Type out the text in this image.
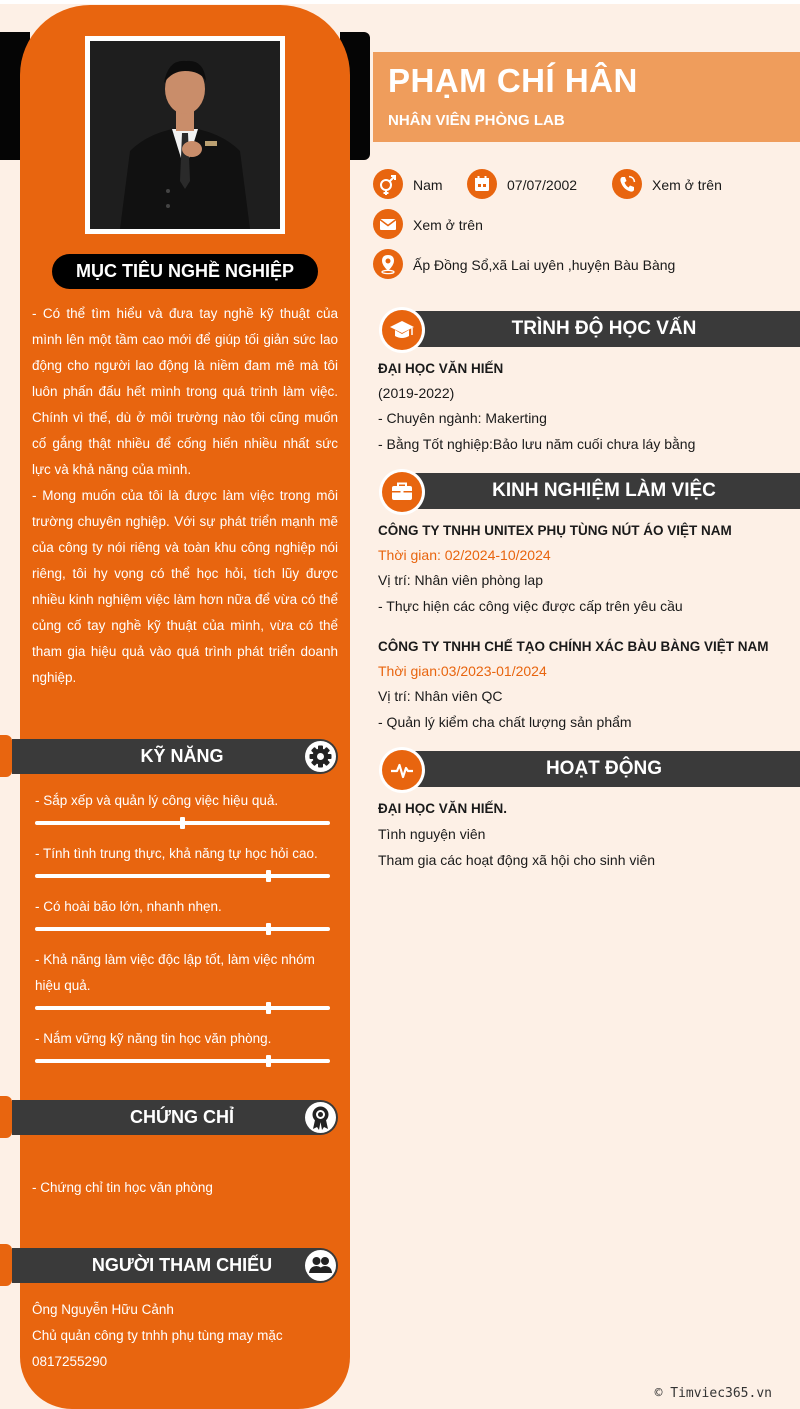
MỤC TIÊU NGHỀ NGHIỆP

- Có thể tìm hiểu và đưa tay nghề kỹ thuật của mình lên một tầm cao mới để giúp tối giản sức lao động cho người lao động là niềm đam mê mà tôi luôn phấn đấu hết mình trong quá trình làm việc. Chính vì thế, dù ở môi trường nào tôi cũng muốn cố gắng thật nhiều để cống hiến nhiều nhất sức lực và khả năng của mình.

- Mong muốn của tôi là được làm việc trong môi trường chuyên nghiệp. Với sự phát triển mạnh mẽ của công ty nói riêng và toàn khu công nghiệp nói riêng, tôi hy vọng có thể học hỏi, tích lũy được nhiều kinh nghiệm việc làm hơn nữa để vừa có thể củng cố tay nghề kỹ thuật của mình, vừa có thể tham gia hiệu quả vào quá trình phát triển doanh nghiệp.

KỸ NĂNG
- Sắp xếp và quản lý công việc hiệu quả.
- Tính tình trung thực, khả năng tự học hỏi cao.
- Có hoài bão lớn, nhanh nhẹn.
- Khả năng làm việc độc lập tốt, làm việc nhóm hiệu quả.
- Nắm vững kỹ năng tin học văn phòng.
CHỨNG CHỈ
- Chứng chỉ tin học văn phòng
NGƯỜI THAM CHIẾU
Ông Nguyễn Hữu Cảnh
Chủ quản công ty tnhh phụ tùng may mặc
0817255290
PHẠM CHÍ HÂN
NHÂN VIÊN PHÒNG LAB
Nam	07/07/2002	Xem ở trên
Xem ở trên
Ấp Đồng Sổ,xã Lai uyên ,huyện Bàu Bàng
TRÌNH ĐỘ HỌC VẤN
ĐẠI HỌC VĂN HIẾN
(2019-2022)
- Chuyên ngành: Makerting
- Bằng Tốt nghiệp:Bảo lưu năm cuối chưa láy bằng
KINH NGHIỆM LÀM VIỆC
CÔNG TY TNHH UNITEX PHỤ TÙNG NÚT ÁO VIỆT NAM
Thời gian: 02/2024-10/2024
Vị trí: Nhân viên phòng lap
- Thực hiện các công việc được cấp trên yêu cầu
CÔNG TY TNHH CHẾ TẠO CHÍNH XÁC BÀU BÀNG VIỆT NAM
Thời gian:03/2023-01/2024
Vị trí: Nhân viên QC
- Quản lý kiểm cha chất lượng sản phẩm
HOẠT ĐỘNG
ĐẠI HỌC VĂN HIẾN.
Tình nguyện viên
Tham gia các hoạt động xã hội cho sinh viên
© Timviec365.vn
